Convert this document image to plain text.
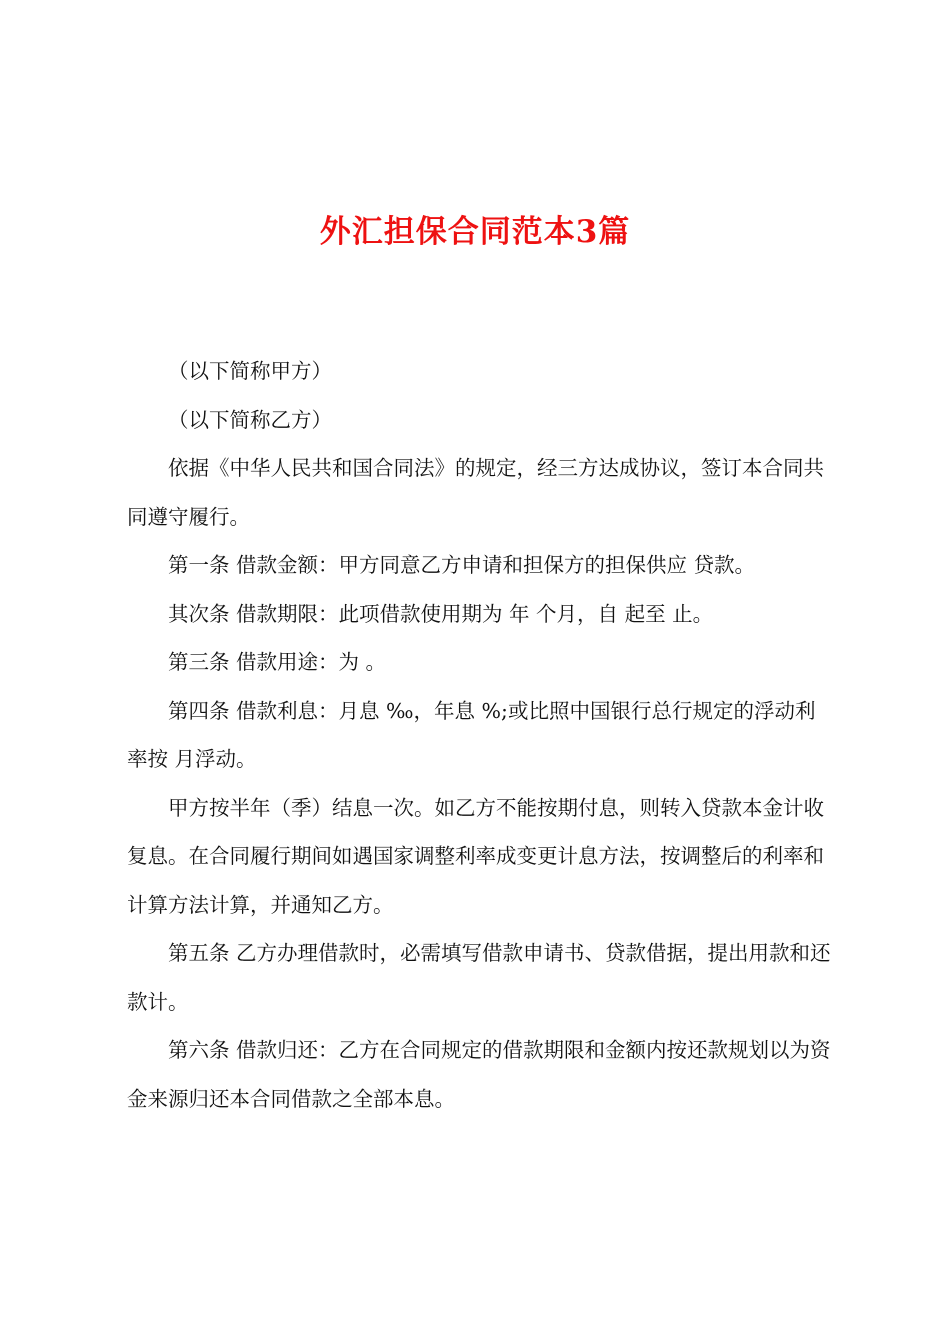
外汇担保合同范本3篇

（以下简称甲方）

（以下简称乙方）

依据《中华人民共和国合同法》的规定，经三方达成协议，签订本合同共同遵守履行。

第一条 借款金额：甲方同意乙方申请和担保方的担保供应 贷款。

其次条 借款期限：此项借款使用期为 年 个月，自 起至 止。

第三条 借款用途：为 。

第四条 借款利息：月息 ‰，年息 %;或比照中国银行总行规定的浮动利率按 月浮动。

甲方按半年（季）结息一次。如乙方不能按期付息，则转入贷款本金计收复息。在合同履行期间如遇国家调整利率成变更计息方法，按调整后的利率和计算方法计算，并通知乙方。

第五条 乙方办理借款时，必需填写借款申请书、贷款借据，提出用款和还款计。

第六条 借款归还：乙方在合同规定的借款期限和金额内按还款规划以为资金来源归还本合同借款之全部本息。
